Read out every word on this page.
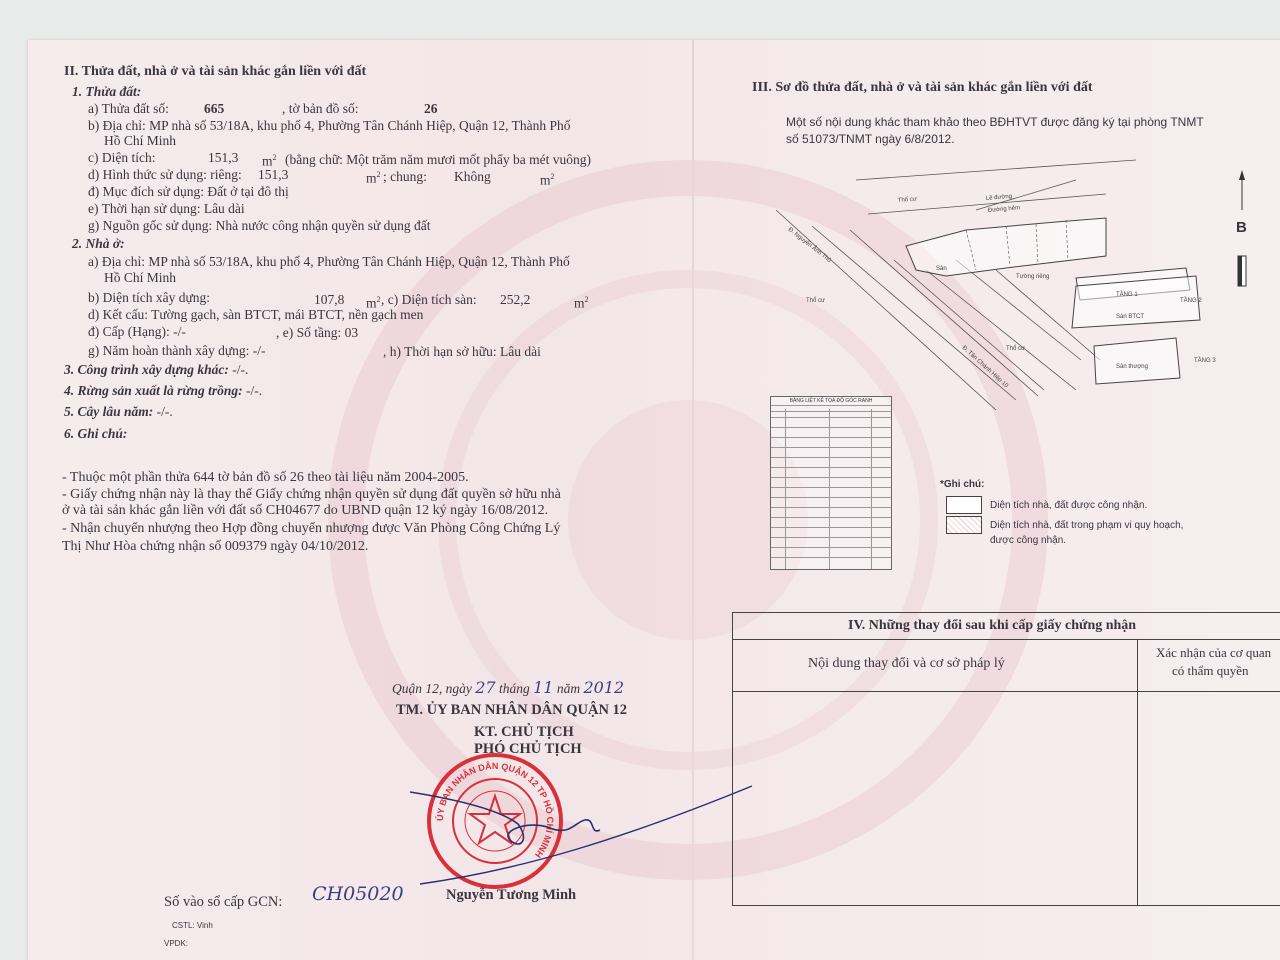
II. Thửa đất, nhà ở và tài sản khác gắn liền với đất
1. Thửa đất:
a) Thửa đất số:	665	, tờ bản đồ số:	26
b) Địa chỉ: MP nhà số 53/18A, khu phố 4, Phường Tân Chánh Hiệp, Quận 12, Thành Phố
Hồ Chí Minh
c) Diện tích:	151,3 $m^2$ (bằng chữ: Một trăm năm mươi mốt phẩy ba mét vuông)
d) Hình thức sử dụng: riêng: 151,3	$m^2$ ; chung: Không	$m^2$
đ) Mục đích sử dụng: Đất ở tại đô thị
e) Thời hạn sử dụng: Lâu dài
g) Nguồn gốc sử dụng: Nhà nước công nhận quyền sử dụng đất
2. Nhà ở:
a) Địa chỉ: MP nhà số 53/18A, khu phố 4, Phường Tân Chánh Hiệp, Quận 12, Thành Phố
Hồ Chí Minh
b) Diện tích xây dựng:	107,8 $m^2$ , c) Diện tích sàn: 252,2	$m^2$
d) Kết cấu: Tường gạch, sàn BTCT, mái BTCT, nền gạch men
đ) Cấp (Hạng): -/-	, e) Số tầng: 03
g) Năm hoàn thành xây dựng: -/-	, h) Thời hạn sở hữu: Lâu dài
3. Công trình xây dựng khác: -/-.
4. Rừng sản xuất là rừng trồng: -/-.
5. Cây lâu năm: -/-.
6. Ghi chú:
- Thuộc một phần thửa 644 tờ bản đồ số 26 theo tài liệu năm 2004-2005.
- Giấy chứng nhận này là thay thế Giấy chứng nhận quyền sử dụng đất quyền sở hữu nhà
ở và tài sản khác gắn liền với đất số CH04677 do UBND quận 12 ký ngày 16/08/2012.
- Nhận chuyển nhượng theo Hợp đồng chuyển nhượng được Văn Phòng Công Chứng Lý
Thị Như Hòa chứng nhận số 009379 ngày 04/10/2012.
Quận 12, ngày 27 tháng 11 năm 2012
TM. ỦY BAN NHÂN DÂN QUẬN 12
KT. CHỦ TỊCH
PHÓ CHỦ TỊCH
ỦY BAN NHÂN DÂN QUẬN 12 TP HỒ CHÍ MINH
Nguyễn Tương Minh
Số vào sổ cấp GCN: CH05020
CSTL: Vinh
VPDK:
III. Sơ đồ thửa đất, nhà ở và tài sản khác gắn liền với đất
Một số nội dung khác tham khảo theo BĐHTVT được đăng ký tại phòng TNMT
số 51073/TNMT ngày 6/8/2012.
B
Thổ cư	Lề đường
Đường hẻm
Đ. Nguyễn Ảnh Thủ
Đ. Tân Chánh Hiệp 10
Sân
Tường riêng
Thổ cư
Thổ cư
TẦNG 1
TẦNG 2
TẦNG 3
Sàn BTCT
Sân thượng
BẢNG LIỆT KÊ TỌA ĐỘ GÓC RANH
*Ghi chú:
Diện tích nhà, đất được công nhận.
Diện tích nhà, đất trong phạm vi quy hoạch,
được công nhận.
IV. Những thay đổi sau khi cấp giấy chứng nhận
Nội dung thay đổi và cơ sở pháp lý
Xác nhận của cơ quan
có thẩm quyền
